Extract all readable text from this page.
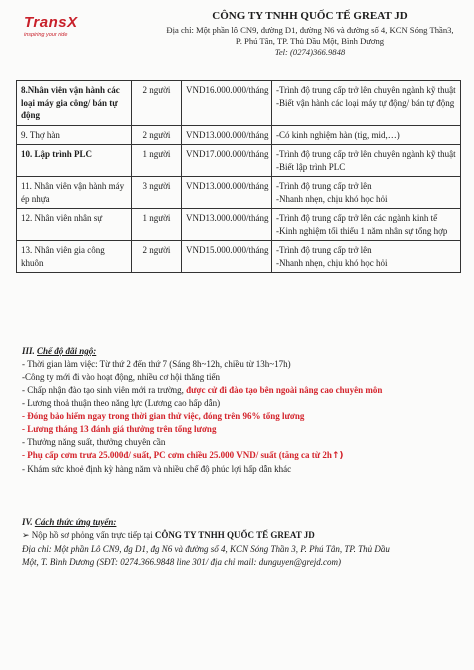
TransX
inspiring your ride
CÔNG TY TNHH QUỐC TẾ GREAT JD
Địa chỉ: Một phần lô CN9, đường D1, đường N6 và đường số 4, KCN Sóng Thần3,
P. Phú Tân, TP. Thủ Dầu Một, Bình Dương
Tel: (0274)366.9848
8.Nhân viên vận hành các loại máy gia công/ bán tự động	2 người	VND16.000.000/tháng	-Trình độ trung cấp trở lên chuyên ngành kỹ thuật
-Biết vận hành các loại máy tự động/ bán tự động

9. Thợ hàn	2 người	VND13.000.000/tháng	-Có kinh nghiệm hàn (tig, mid,…)

10. Lập trình PLC	1 người	VND17.000.000/tháng	-Trình độ trung cấp trở lên chuyên ngành kỹ thuật
-Biết lập trình PLC

11. Nhân viên vận hành máy ép nhựa	3 người	VND13.000.000/tháng	-Trình độ trung cấp trở lên
-Nhanh nhẹn, chịu khó học hỏi

12. Nhân viên nhân sự	1 người	VND13.000.000/tháng	-Trình độ trung cấp trở lên các ngành kinh tế
-Kinh nghiệm tối thiểu 1 năm nhân sự tổng hợp

13. Nhân viên gia công khuôn	2 người	VND15.000.000/tháng	-Trình độ trung cấp trở lên
-Nhanh nhẹn, chịu khó học hỏi
III. Chế độ đãi ngộ:
- Thời gian làm việc: Từ thứ 2 đến thứ 7 (Sáng 8h~12h, chiều từ 13h~17h)
-Công ty mới đi vào hoạt động, nhiều cơ hội thăng tiến
- Chấp nhận đào tạo sinh viên mới ra trường, được cử đi đào tạo bên ngoài nâng cao chuyên môn
- Lương thoả thuận theo năng lực (Lương cao hấp dẫn)
- Đóng bảo hiểm ngay trong thời gian thử việc, đóng trên 96% tổng lương
- Lương tháng 13 đánh giá thưởng trên tổng lương
- Thưởng năng suất, thưởng chuyên cần
- Phụ cấp cơm trưa 25.000đ/ suất, PC cơm chiều 25.000 VND/ suất (tăng ca từ 2h↑)
- Khám sức khoẻ định kỳ hàng năm và nhiều chế độ phúc lợi hấp dẫn khác
IV. Cách thức ứng tuyển:
➢ Nộp hồ sơ phỏng vấn trực tiếp tại CÔNG TY TNHH QUỐC TẾ GREAT JD
Địa chỉ: Một phần Lô CN9, đg D1, đg N6 và đường số 4, KCN Sóng Thần 3, P. Phú Tân, TP. Thủ Dầu
Một, T. Bình Dương (SĐT: 0274.366.9848 line 301/ địa chỉ mail: dunguyen@grejd.com)
